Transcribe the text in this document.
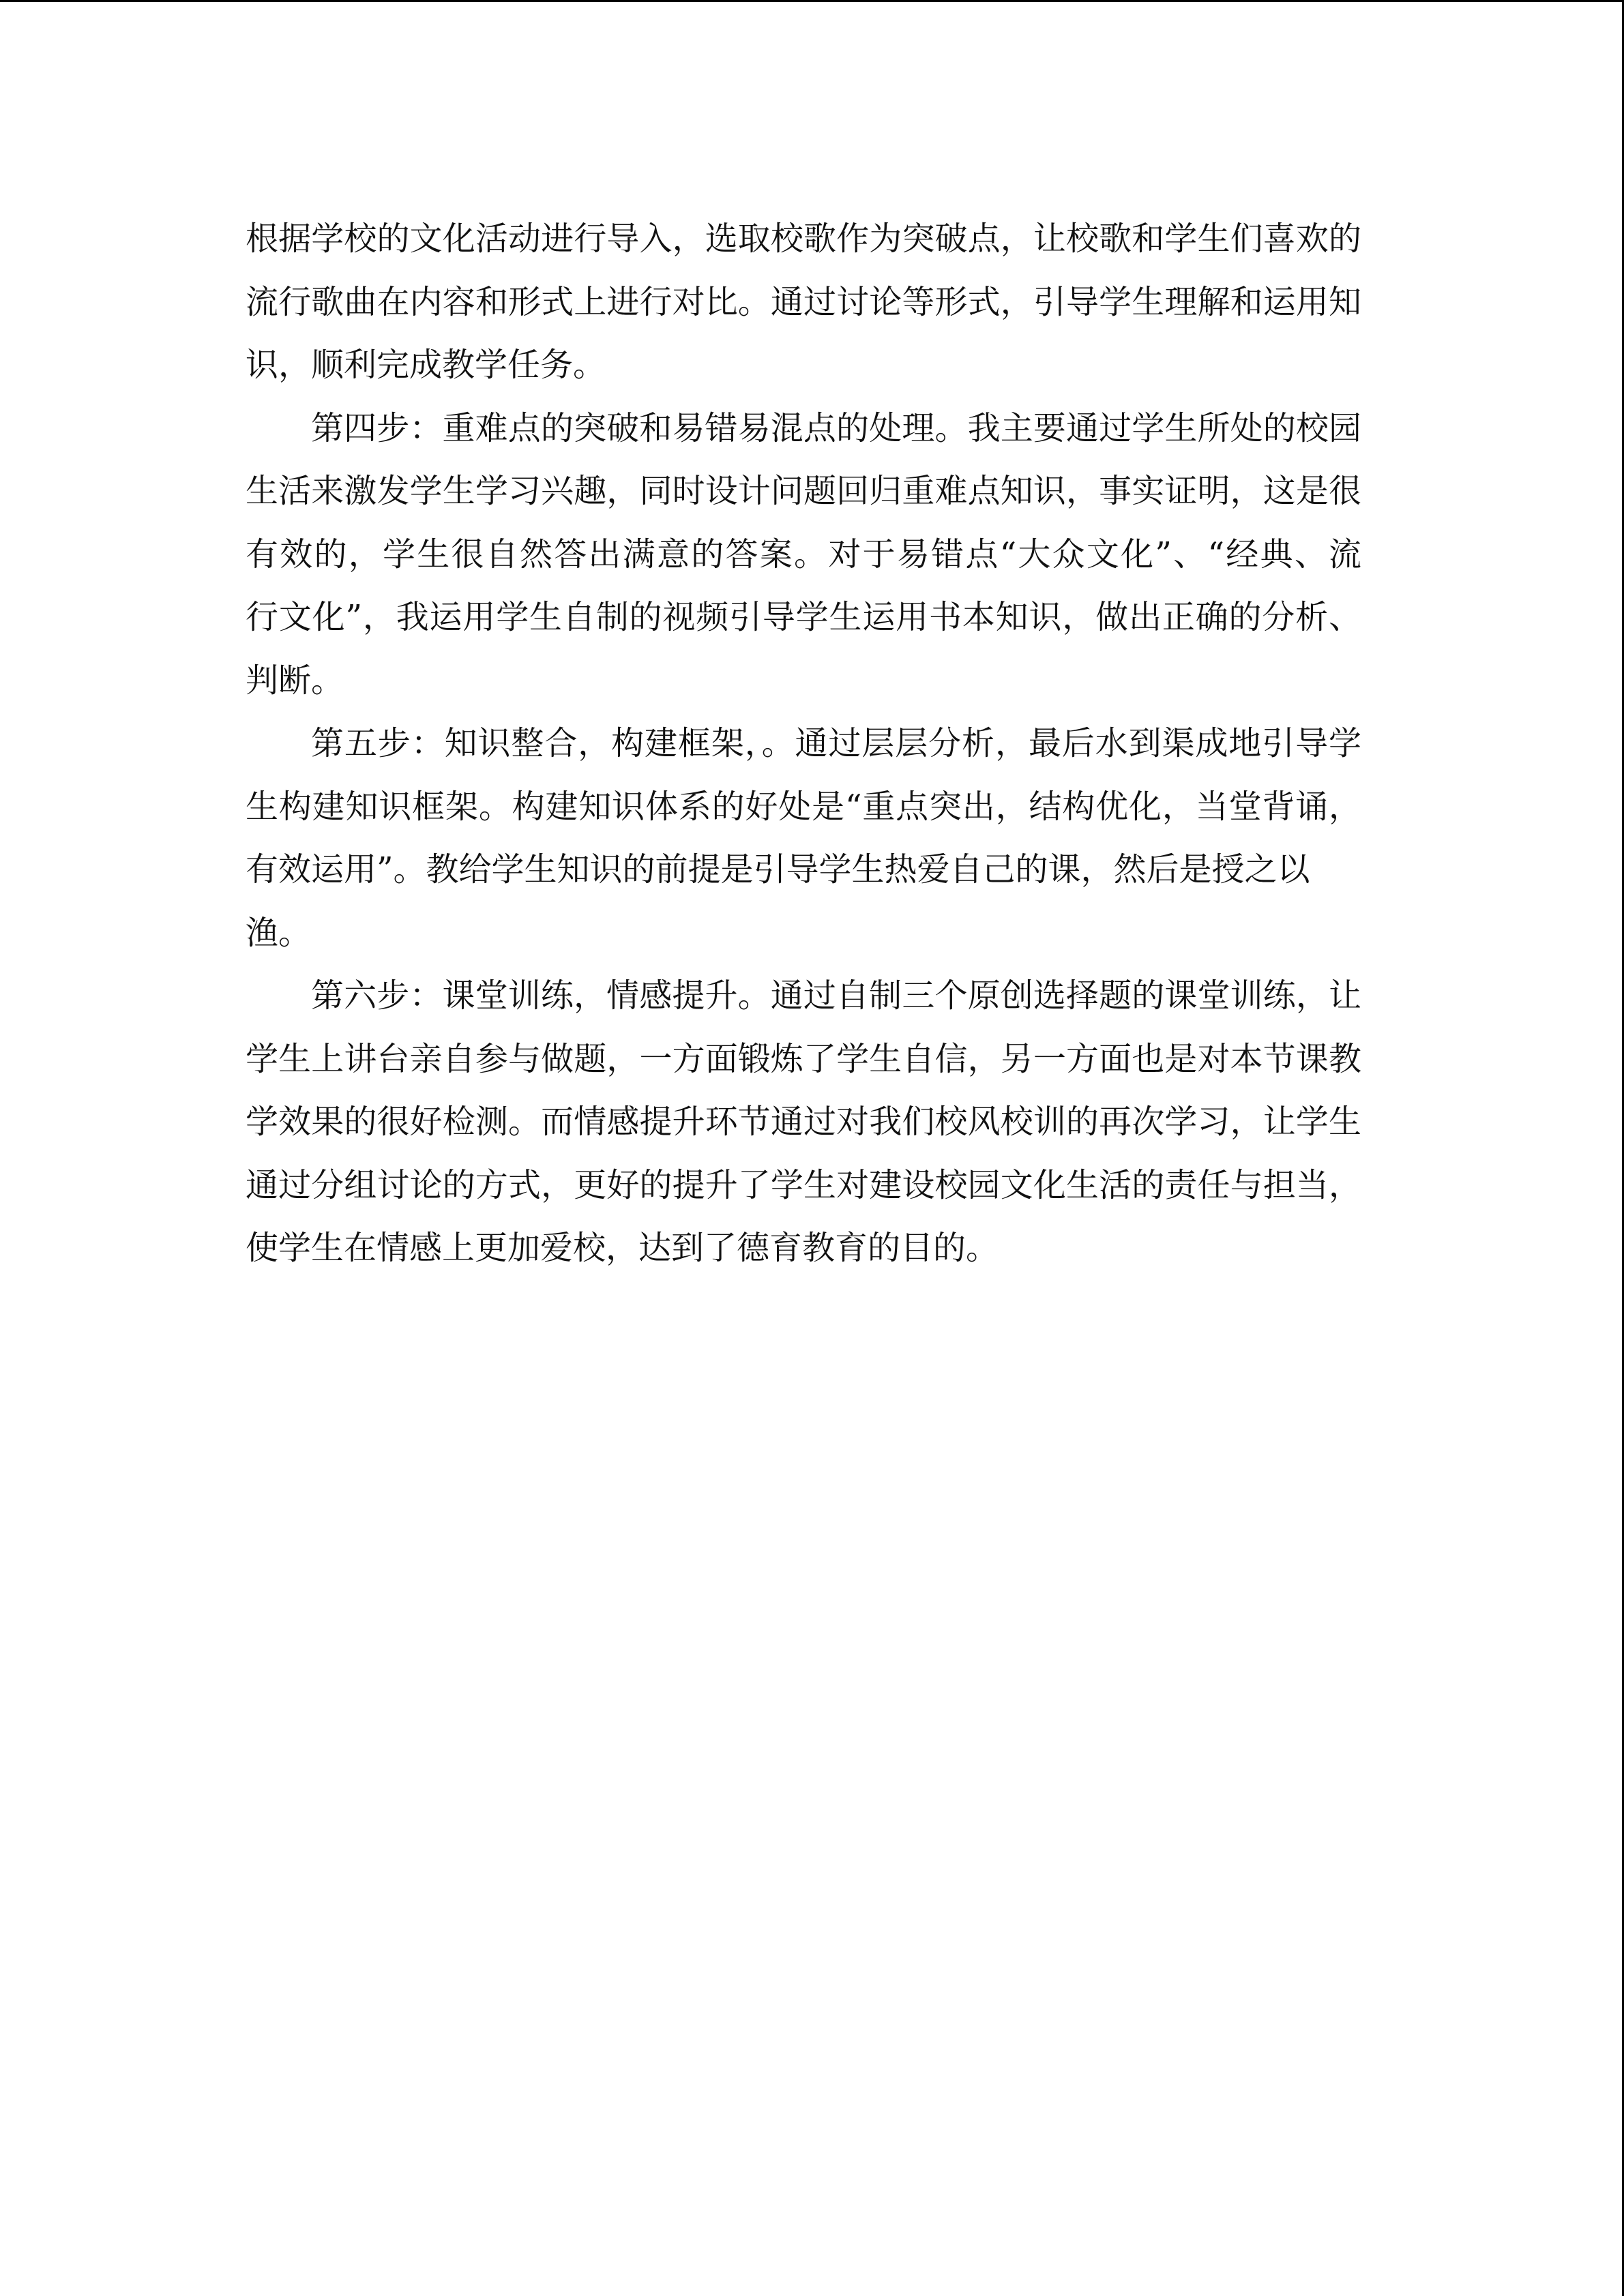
根据学校的文化活动进行导入，选取校歌作为突破点，让校歌和学生们喜欢的
流行歌曲在内容和形式上进行对比。通过讨论等形式，引导学生理解和运用知
识，顺利完成教学任务。
第四步：重难点的突破和易错易混点的处理。我主要通过学生所处的校园
生活来激发学生学习兴趣，同时设计问题回归重难点知识，事实证明，这是很
有效的，学生很自然答出满意的答案。对于易错点“大众文化”、“经典、流
行文化”，我运用学生自制的视频引导学生运用书本知识，做出正确的分析、
判断。
第五步：知识整合，构建框架，。通过层层分析，最后水到渠成地引导学
生构建知识框架。构建知识体系的好处是“重点突出，结构优化，当堂背诵，
有效运用”。教给学生知识的前提是引导学生热爱自己的课，然后是授之以
渔。
第六步：课堂训练，情感提升。通过自制三个原创选择题的课堂训练，让
学生上讲台亲自参与做题，一方面锻炼了学生自信，另一方面也是对本节课教
学效果的很好检测。而情感提升环节通过对我们校风校训的再次学习，让学生
通过分组讨论的方式，更好的提升了学生对建设校园文化生活的责任与担当，
使学生在情感上更加爱校，达到了德育教育的目的。
